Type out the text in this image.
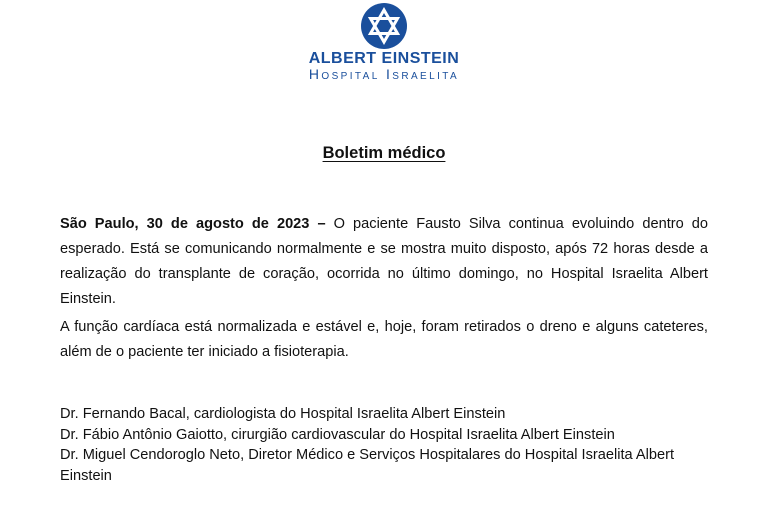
ALBERT EINSTEIN
Hospital Israelita
Boletim médico
São Paulo, 30 de agosto de 2023 – O paciente Fausto Silva continua evoluindo dentro do esperado. Está se comunicando normalmente e se mostra muito disposto, após 72 horas desde a realização do transplante de coração, ocorrida no último domingo, no Hospital Israelita Albert Einstein.
A função cardíaca está normalizada e estável e, hoje, foram retirados o dreno e alguns cateteres, além de o paciente ter iniciado a fisioterapia.
Dr. Fernando Bacal, cardiologista do Hospital Israelita Albert Einstein
Dr. Fábio Antônio Gaiotto, cirurgião cardiovascular do Hospital Israelita Albert Einstein
Dr. Miguel Cendoroglo Neto, Diretor Médico e Serviços Hospitalares do Hospital Israelita Albert Einstein
